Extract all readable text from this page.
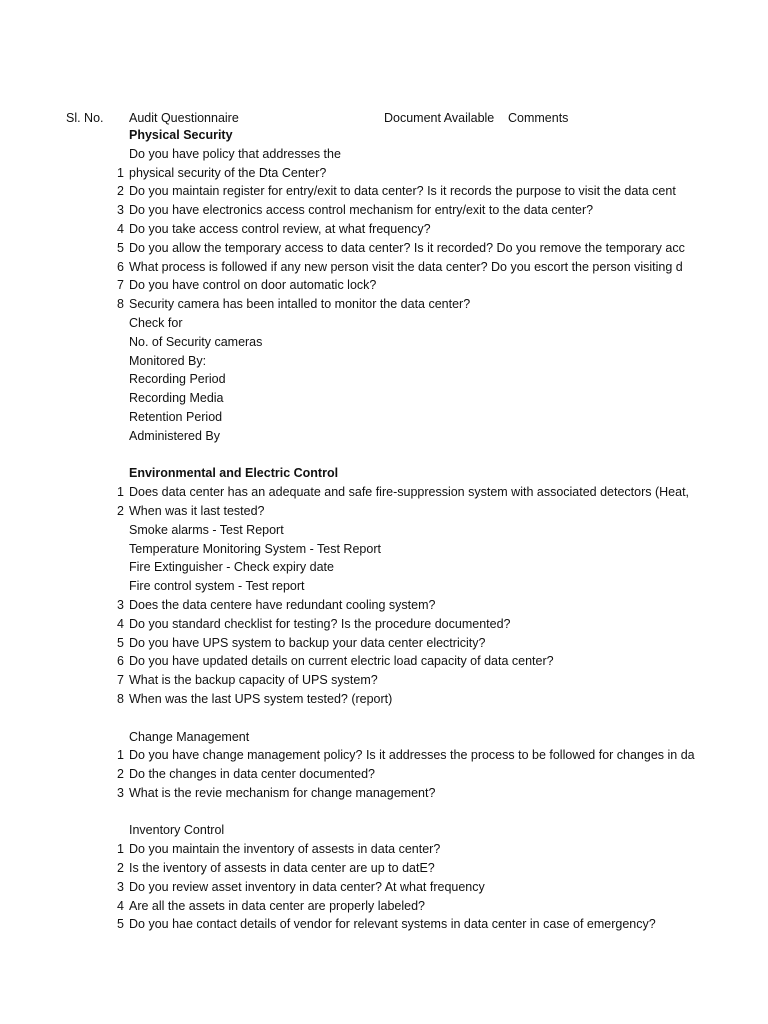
Sl. No. Audit Questionnaire	Document Available Comments
Physical Security
Do you have policy that addresses the
1 physical security of the Dta Center?
2 Do you maintain register for entry/exit to data center? Is it records the purpose to visit the data cent
3 Do you have electronics access control mechanism for entry/exit to the data center?
4 Do you take access control review, at what frequency?
5 Do you allow the temporary access to data center? Is it recorded? Do you remove the temporary acc
6 What process is followed if any new person visit the data center? Do you escort the person visiting d
7 Do you have control on door automatic lock?
8 Security camera has been intalled to monitor the data center?
Check for
No. of Security cameras
Monitored By:
Recording Period
Recording Media
Retention Period
Administered By
Environmental and Electric Control
1 Does data center has an adequate and safe fire-suppression system with associated detectors (Heat,
2 When was it last tested?
Smoke alarms - Test Report
Temperature Monitoring System - Test Report
Fire Extinguisher - Check expiry date
Fire control system - Test report
3 Does the data centere have redundant cooling system?
4 Do you standard checklist for testing? Is the procedure documented?
5 Do you have UPS system to backup your data center electricity?
6 Do you have updated details on current electric load capacity of data center?
7 What is the backup capacity of UPS system?
8 When was the last UPS system tested? (report)
Change Management
1 Do you have change management policy? Is it addresses the process to be followed for changes in da
2 Do the changes in data center documented?
3 What is the revie mechanism for change management?
Inventory Control
1 Do you maintain the inventory of assests in data center?
2 Is the iventory of assests in data center are up to datE?
3 Do you review asset inventory in data center? At what frequency
4 Are all the assets in data center are properly labeled?
5 Do you hae contact details of vendor for relevant systems in data center in case of emergency?
